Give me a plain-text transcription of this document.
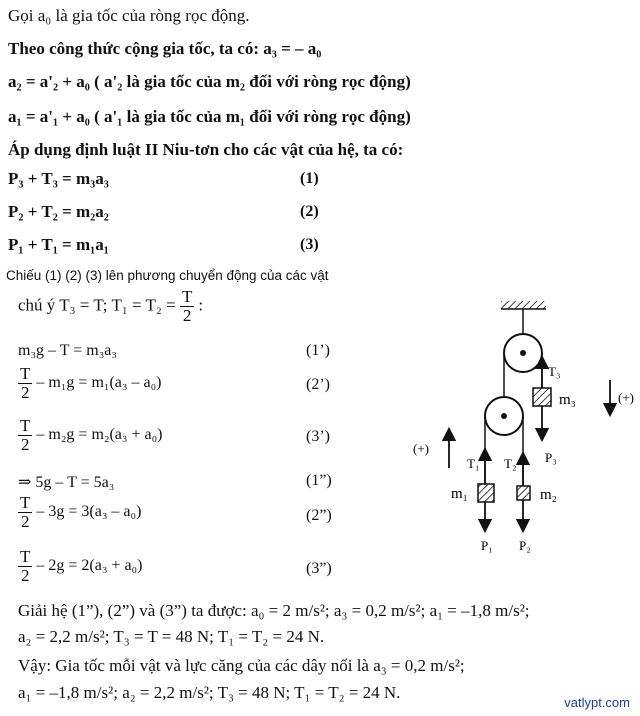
Gọi a₀ là gia tốc của ròng rọc động.
Theo công thức cộng gia tốc, ta có: a₃ = – a₀
a₂ = a'₂ + a₀ ( a'₂ là gia tốc của m₂ đối với ròng rọc động)
a₁ = a'₁ + a₀ ( a'₁ là gia tốc của m₁ đối với ròng rọc động)
Áp dụng định luật II Niu-tơn cho các vật của hệ, ta có:
P₃ + T₃ = m₃a₃	(1)
P₂ + T₂ = m₂a₂	(2)
P₁ + T₁ = m₁a₁	(3)
Chiếu (1) (2) (3) lên phương chuyển động của các vật
chú ý T₃ = T; $T_1 = T_2 = \frac{T}{2}$ :
m₃g – T = m₃a₃	(1’)
$\frac{T}{2} - m_1g = m_1(a_3 - a_0)$	(2’)
$\frac{T}{2} - m_2g = m_2(a_3 + a_0)$	(3’)
⇒ 5g – T = 5a₃	(1”)
$\frac{T}{2} - 3g = 3(a_3 - a_0)$	(2”)
$\frac{T}{2} - 2g = 2(a_3 + a_0)$	(3”)
Giải hệ (1”), (2”) và (3”) ta được: a₀ = 2 m/s²; a₃ = 0,2 m/s²; a₁ = –1,8 m/s²;
a₂ = 2,2 m/s²; T₃ = T = 48 N; T₁ = T₂ = 24 N.
Vậy: Gia tốc mỗi vật và lực căng của các dây nối là a₃ = 0,2 m/s²;
a₁ = –1,8 m/s²; a₂ = 2,2 m/s²; T₃ = 48 N; T₁ = T₂ = 24 N.
T₃
m₃	(+)
P₃
(+)
T₁ T₂
m₁	m₂
P₁ P₂
vatlypt.com
